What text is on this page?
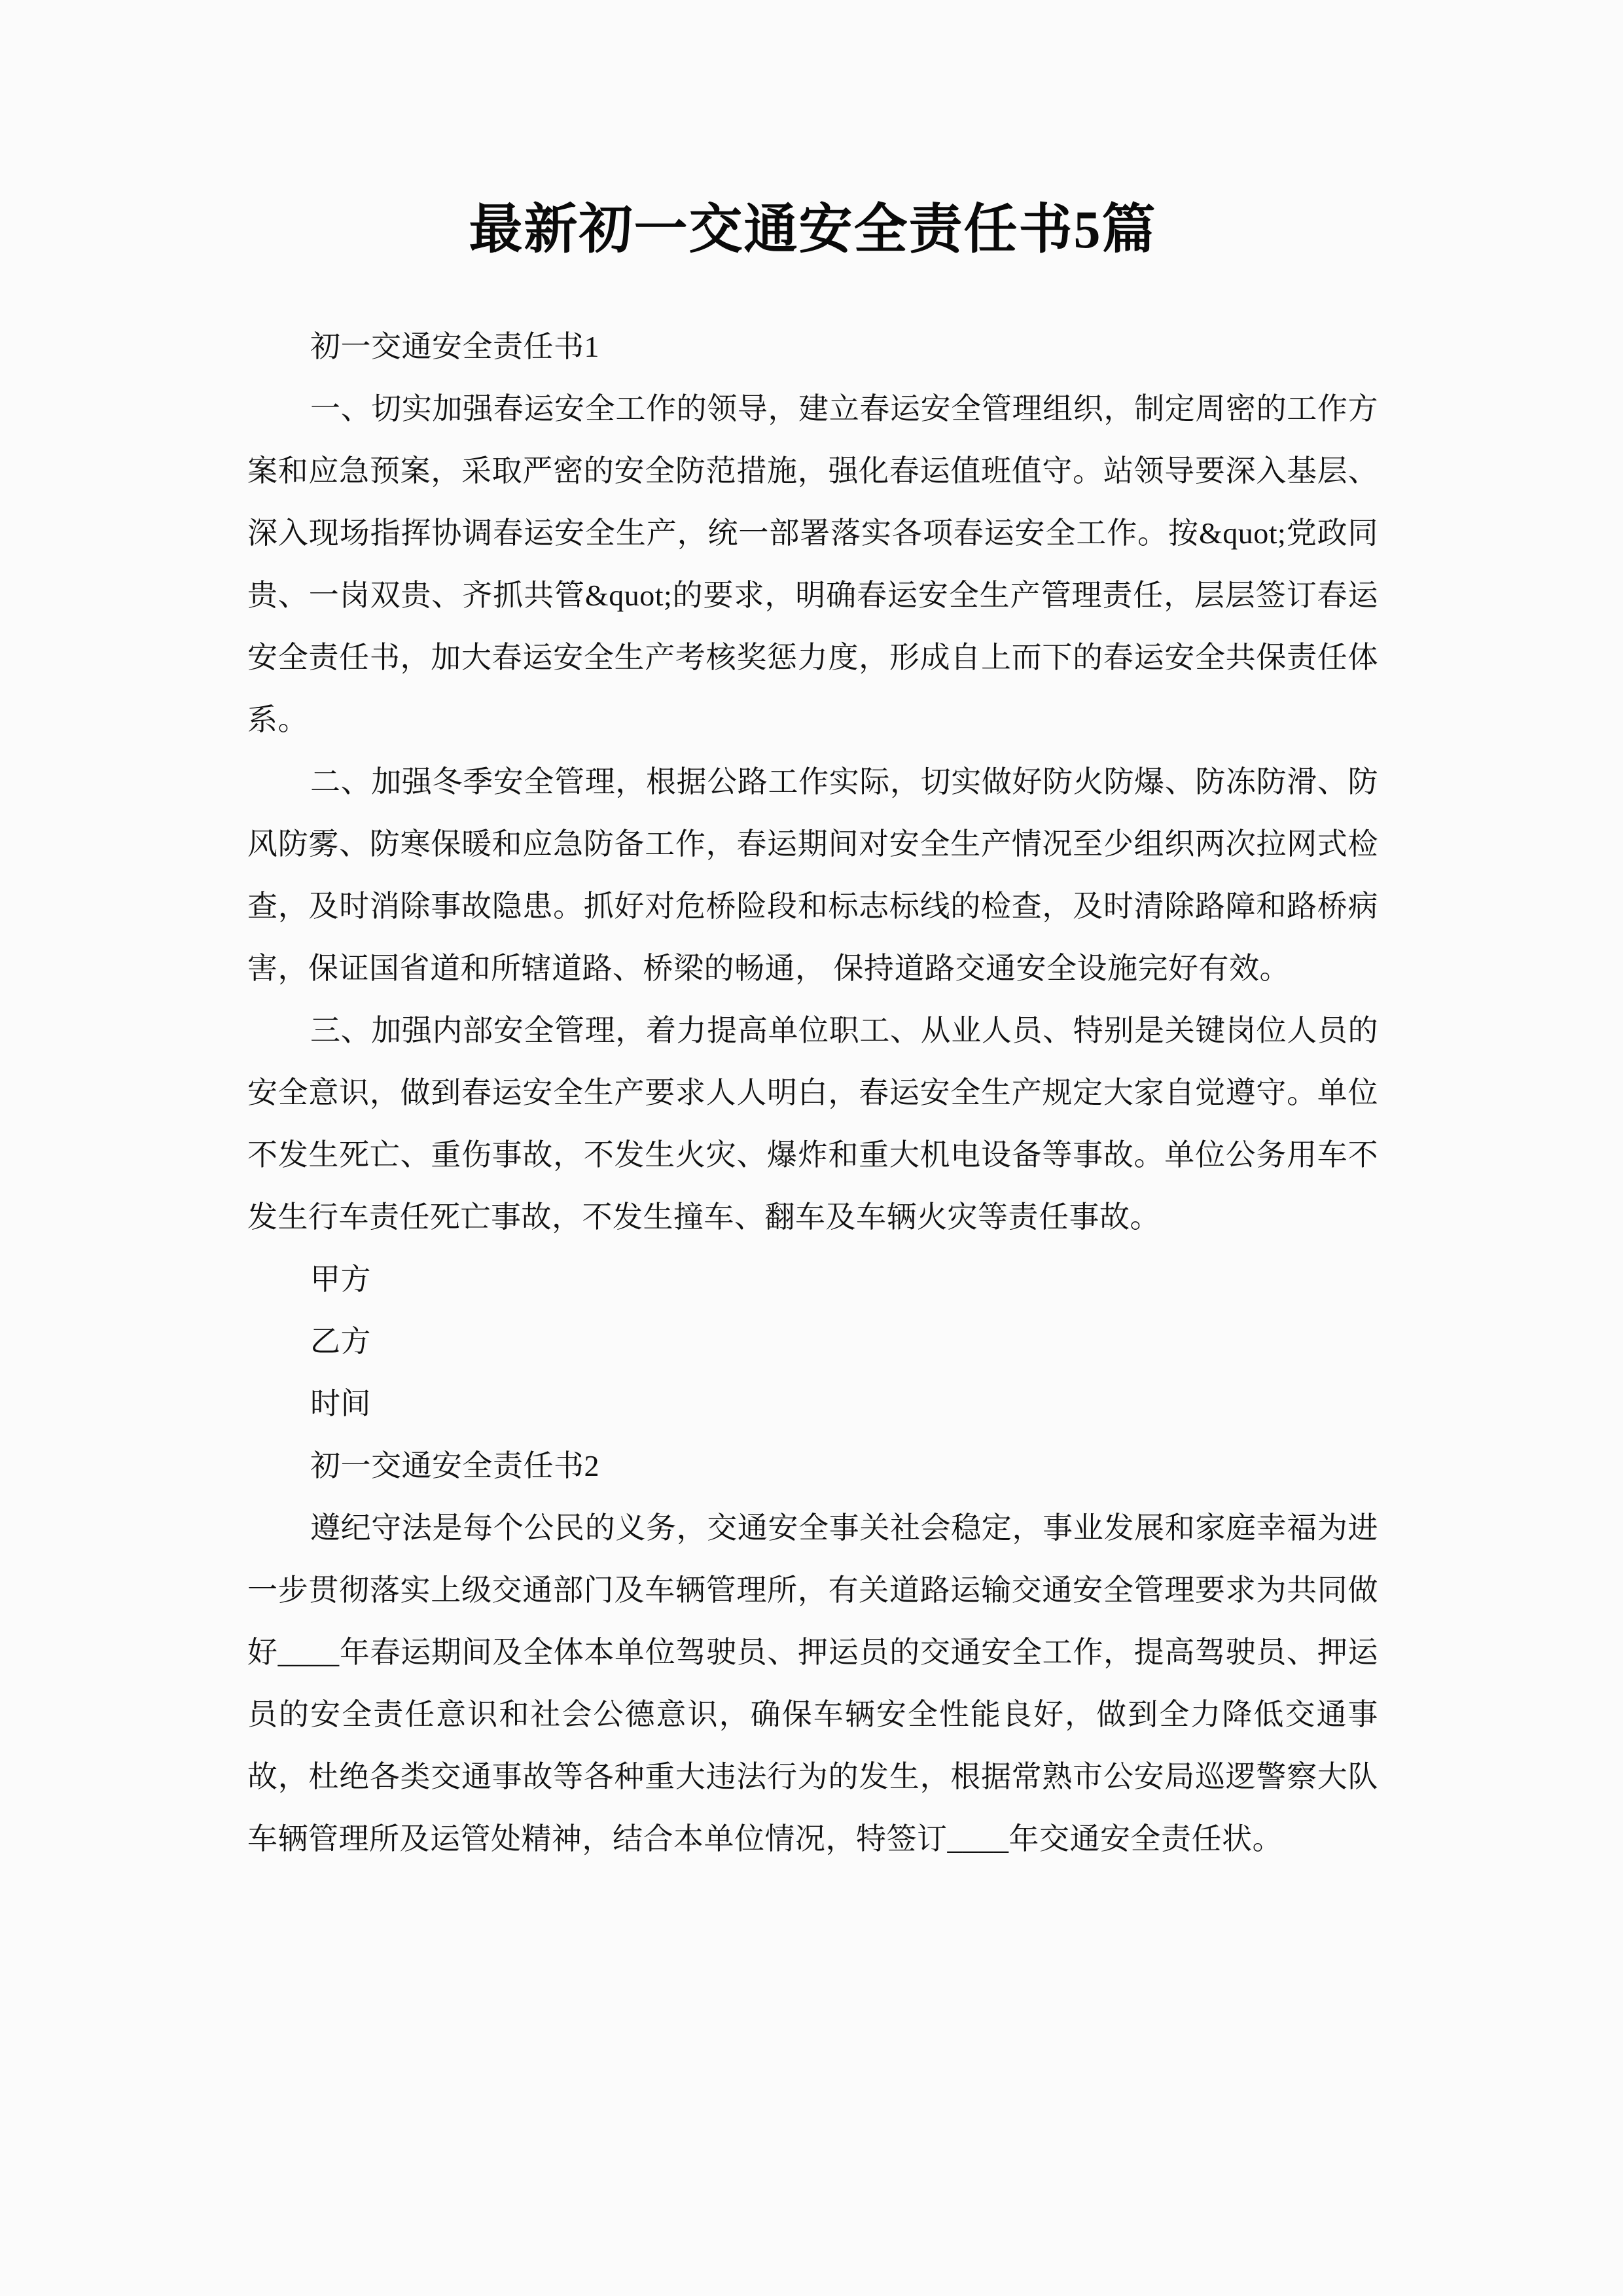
最新初一交通安全责任书5篇

初一交通安全责任书1

一、切实加强春运安全工作的领导，建立春运安全管理组织，制定周密的工作方案和应急预案，采取严密的安全防范措施，强化春运值班值守。站领导要深入基层、深入现场指挥协调春运安全生产，统一部署落实各项春运安全工作。按&quot;党政同贵、一岗双贵、齐抓共管&quot;的要求，明确春运安全生产管理责任，层层签订春运安全责任书，加大春运安全生产考核奖惩力度，形成自上而下的春运安全共保责任体系。

二、加强冬季安全管理，根据公路工作实际，切实做好防火防爆、防冻防滑、防风防雾、防寒保暖和应急防备工作，春运期间对安全生产情况至少组织两次拉网式检查，及时消除事故隐患。抓好对危桥险段和标志标线的检查，及时清除路障和路桥病害，保证国省道和所辖道路、桥梁的畅通， 保持道路交通安全设施完好有效。

三、加强内部安全管理，着力提高单位职工、从业人员、特别是关键岗位人员的安全意识，做到春运安全生产要求人人明白，春运安全生产规定大家自觉遵守。单位不发生死亡、重伤事故，不发生火灾、爆炸和重大机电设备等事故。单位公务用车不发生行车责任死亡事故，不发生撞车、翻车及车辆火灾等责任事故。

甲方

乙方

时间

初一交通安全责任书2

遵纪守法是每个公民的义务，交通安全事关社会稳定，事业发展和家庭幸福为进一步贯彻落实上级交通部门及车辆管理所，有关道路运输交通安全管理要求为共同做好____年春运期间及全体本单位驾驶员、押运员的交通安全工作，提高驾驶员、押运员的安全责任意识和社会公德意识，确保车辆安全性能良好，做到全力降低交通事故，杜绝各类交通事故等各种重大违法行为的发生，根据常熟市公安局巡逻警察大队车辆管理所及运管处精神，结合本单位情况，特签订____年交通安全责任状。
